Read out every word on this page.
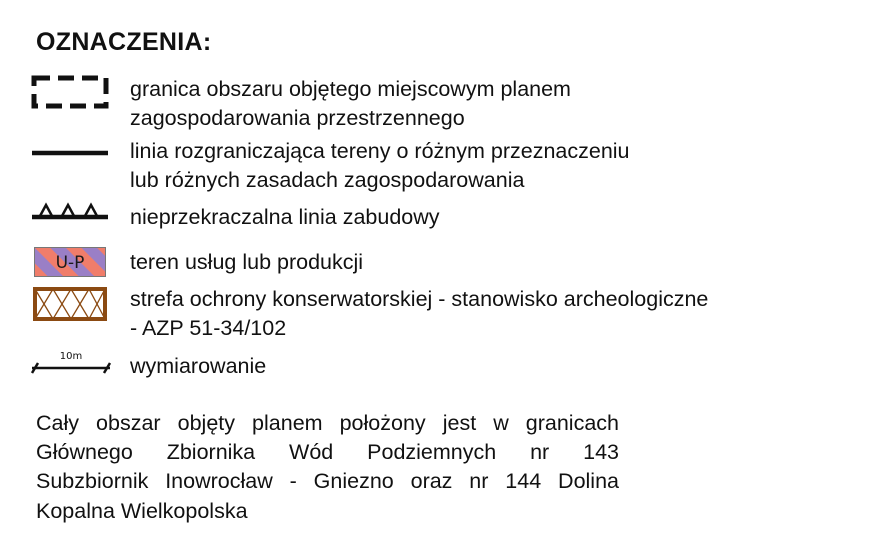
OZNACZENIA:
granica obszaru objętego miejscowym planem
zagospodarowania przestrzennego
linia rozgraniczająca tereny o różnym przeznaczeniu
lub różnych zasadach zagospodarowania
nieprzekraczalna linia zabudowy
U-P teren usług lub produkcji
strefa ochrony konserwatorskiej - stanowisko archeologiczne
- AZP 51-34/102
10m wymiarowanie
Cały obszar objęty planem położony jest w granicach
Głównego Zbiornika Wód Podziemnych nr 143
Subzbiornik Inowrocław - Gniezno oraz nr 144 Dolina
Kopalna Wielkopolska
